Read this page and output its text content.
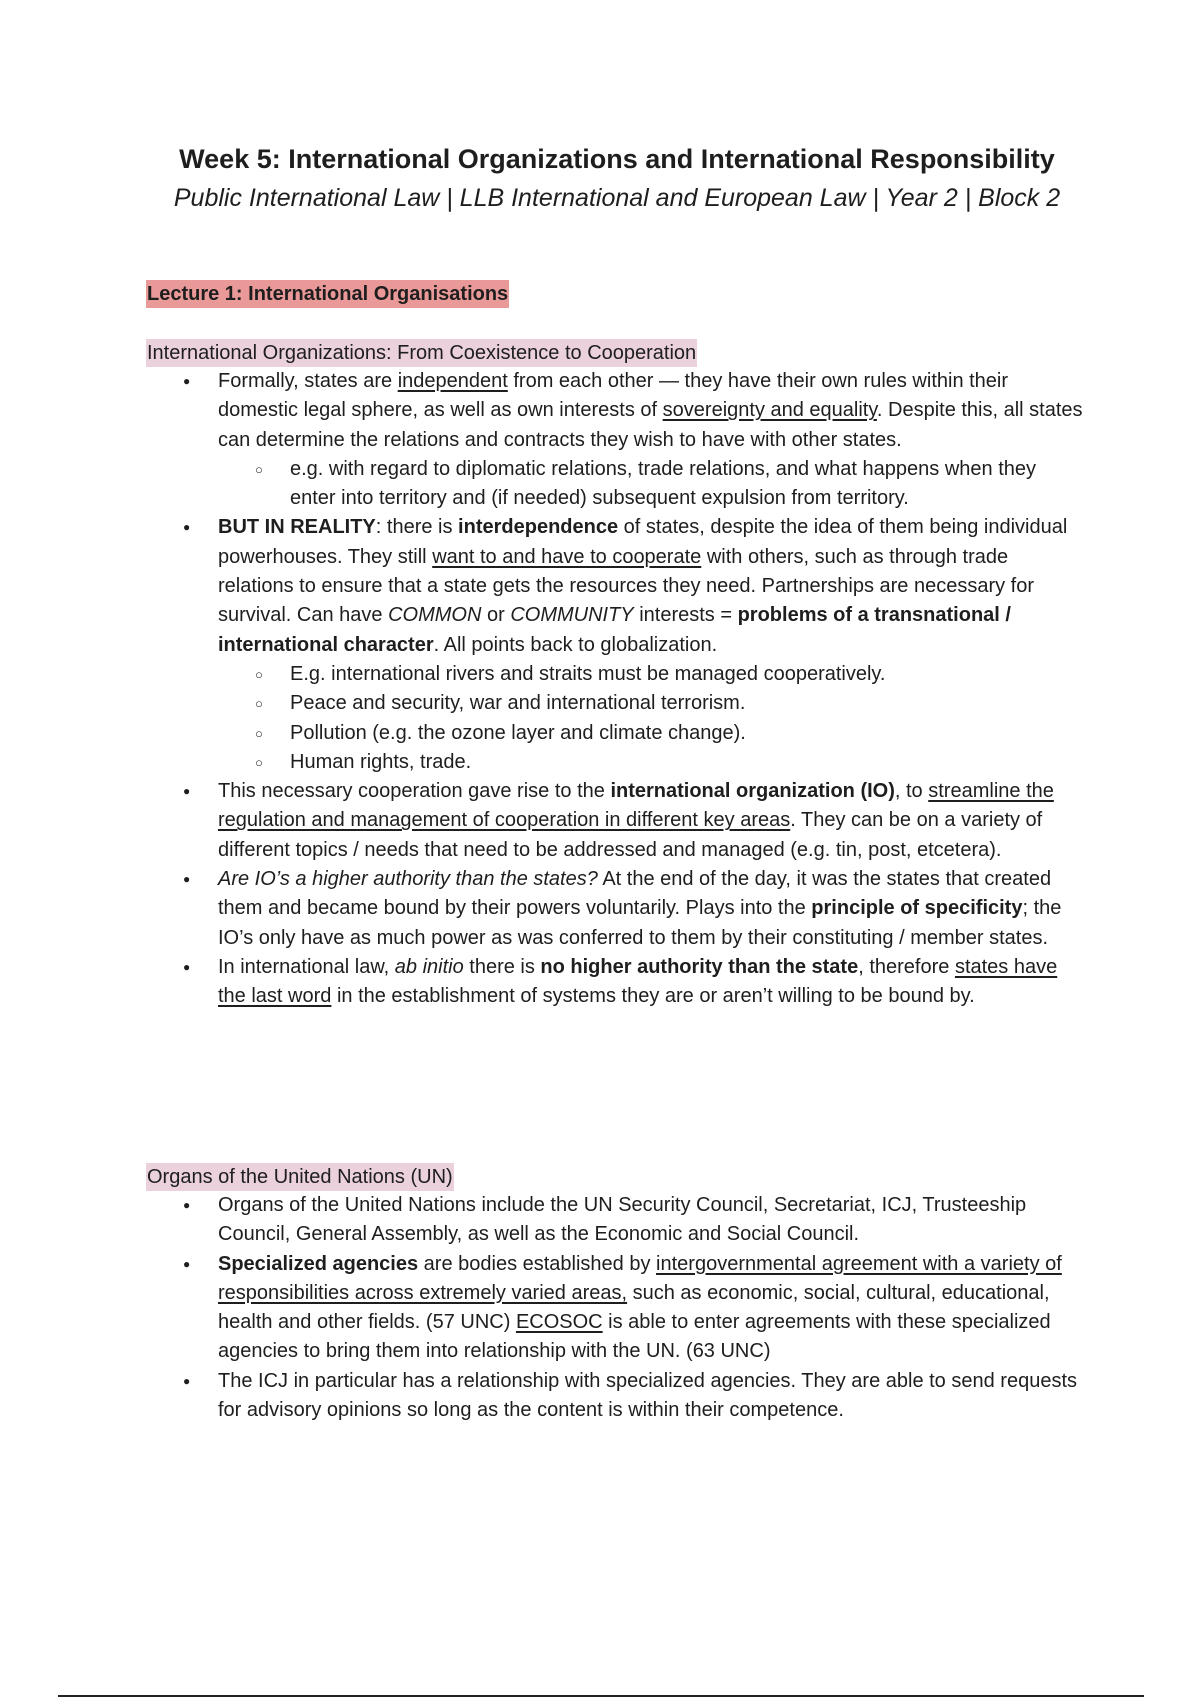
Week 5: International Organizations and International Responsibility

Public International Law | LLB International and European Law | Year 2 | Block 2

Lecture 1: International Organisations

International Organizations: From Coexistence to Cooperation
● Formally, states are independent from each other — they have their own rules within their domestic legal sphere, as well as own interests of sovereignty and equality. Despite this, all states can determine the relations and contracts they wish to have with other states.
○ e.g. with regard to diplomatic relations, trade relations, and what happens when they enter into territory and (if needed) subsequent expulsion from territory.
● BUT IN REALITY: there is interdependence of states, despite the idea of them being individual powerhouses. They still want to and have to cooperate with others, such as through trade relations to ensure that a state gets the resources they need. Partnerships are necessary for survival. Can have COMMON or COMMUNITY interests = problems of a transnational / international character. All points back to globalization.
○ E.g. international rivers and straits must be managed cooperatively.
○ Peace and security, war and international terrorism.
○ Pollution (e.g. the ozone layer and climate change).
○ Human rights, trade.
● This necessary cooperation gave rise to the international organization (IO), to streamline the regulation and management of cooperation in different key areas. They can be on a variety of different topics / needs that need to be addressed and managed (e.g. tin, post, etcetera).
● Are IO’s a higher authority than the states? At the end of the day, it was the states that created them and became bound by their powers voluntarily. Plays into the principle of specificity; the IO’s only have as much power as was conferred to them by their constituting / member states.
● In international law, ab initio there is no higher authority than the state, therefore states have the last word in the establishment of systems they are or aren’t willing to be bound by.
Organs of the United Nations (UN)
● Organs of the United Nations include the UN Security Council, Secretariat, ICJ, Trusteeship Council, General Assembly, as well as the Economic and Social Council.
● Specialized agencies are bodies established by intergovernmental agreement with a variety of responsibilities across extremely varied areas, such as economic, social, cultural, educational, health and other fields. (57 UNC) ECOSOC is able to enter agreements with these specialized agencies to bring them into relationship with the UN. (63 UNC)
● The ICJ in particular has a relationship with specialized agencies. They are able to send requests for advisory opinions so long as the content is within their competence.
